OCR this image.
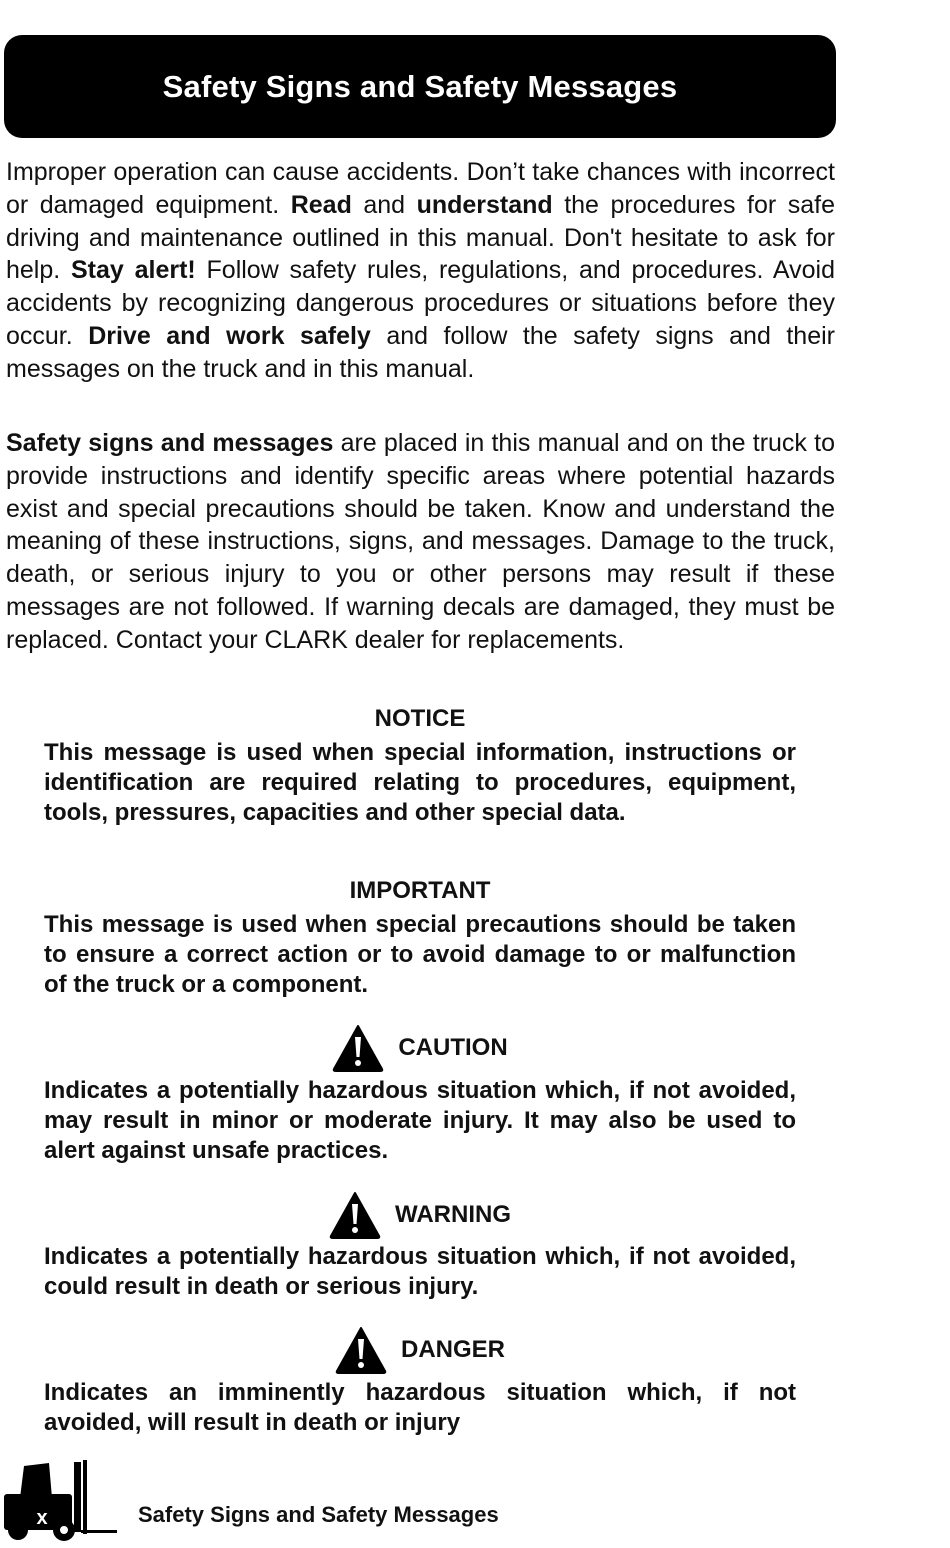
Safety Signs and Safety Messages
Improper operation can cause accidents. Don’t take chances with incorrect or damaged equipment. Read and understand the procedures for safe driving and maintenance outlined in this manual. Don't hesitate to ask for help. Stay alert! Follow safety rules, regulations, and procedures. Avoid accidents by recognizing dangerous procedures or situations before they occur. Drive and work safely and follow the safety signs and their messages on the truck and in this manual.
Safety signs and messages are placed in this manual and on the truck to provide instructions and identify specific areas where potential hazards exist and special precautions should be taken. Know and understand the meaning of these instructions, signs, and messages. Damage to the truck, death, or serious injury to you or other persons may result if these messages are not followed. If warning decals are damaged, they must be replaced. Contact your CLARK dealer for replacements.
NOTICE
This message is used when special information, instructions or identification are required relating to procedures, equipment, tools, pressures, capacities and other special data.
IMPORTANT
This message is used when special precautions should be taken to ensure a correct action or to avoid damage to or malfunction of the truck or a component.
CAUTION
Indicates a potentially hazardous situation which, if not avoided, may result in minor or moderate injury. It may also be used to alert against unsafe practices.
WARNING
Indicates a potentially hazardous situation which, if not avoided, could result in death or serious injury.
DANGER
Indicates an imminently hazardous situation which, if not avoided, will result in death or injury
x	Safety Signs and Safety Messages
